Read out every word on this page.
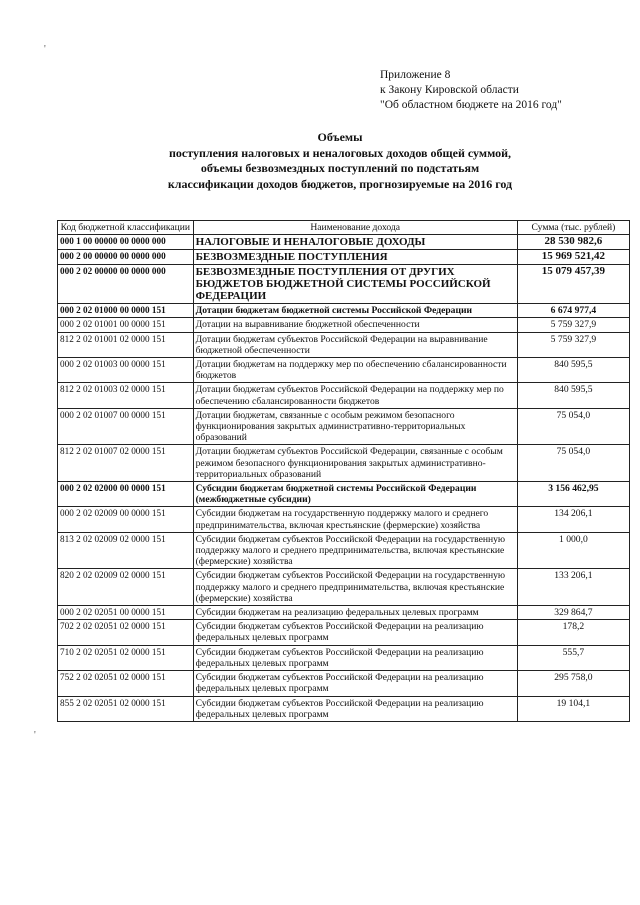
Приложение 8
к Закону Кировской области
"Об областном бюджете на 2016 год"
Объемы
поступления налоговых и неналоговых доходов общей суммой,
объемы безвозмездных поступлений по подстатьям
классификации доходов бюджетов, прогнозируемые на 2016 год
Код бюджетной классификации	Наименование дохода	Сумма (тыс. рублей)
000 1 00 00000 00 0000 000	НАЛОГОВЫЕ И НЕНАЛОГОВЫЕ ДОХОДЫ	28 530 982,6
000 2 00 00000 00 0000 000	БЕЗВОЗМЕЗДНЫЕ ПОСТУПЛЕНИЯ	15 969 521,42
000 2 02 00000 00 0000 000	БЕЗВОЗМЕЗДНЫЕ ПОСТУПЛЕНИЯ ОТ ДРУГИХ БЮДЖЕТОВ БЮДЖЕТНОЙ СИСТЕМЫ РОССИЙСКОЙ ФЕДЕРАЦИИ	15 079 457,39
000 2 02 01000 00 0000 151	Дотации бюджетам бюджетной системы Российской Федерации	6 674 977,4
000 2 02 01001 00 0000 151	Дотации на выравнивание бюджетной обеспеченности	5 759 327,9
812 2 02 01001 02 0000 151	Дотации бюджетам субъектов Российской Федерации на выравнивание бюджетной обеспеченности	5 759 327,9
000 2 02 01003 00 0000 151	Дотации бюджетам на поддержку мер по обеспечению сбалансированности бюджетов	840 595,5
812 2 02 01003 02 0000 151	Дотации бюджетам субъектов Российской Федерации на поддержку мер по обеспечению сбалансированности бюджетов	840 595,5
000 2 02 01007 00 0000 151	Дотации бюджетам, связанные с особым режимом безопасного функционирования закрытых административно-территориальных образований	75 054,0
812 2 02 01007 02 0000 151	Дотации бюджетам субъектов Российской Федерации, связанные с особым режимом безопасного функционирования закрытых административно-территориальных образований	75 054,0
000 2 02 02000 00 0000 151	Субсидии бюджетам бюджетной системы Российской Федерации (межбюджетные субсидии)	3 156 462,95
000 2 02 02009 00 0000 151	Субсидии бюджетам на государственную поддержку малого и среднего предпринимательства, включая крестьянские (фермерские) хозяйства	134 206,1
813 2 02 02009 02 0000 151	Субсидии бюджетам субъектов Российской Федерации на государственную поддержку малого и среднего предпринимательства, включая крестьянские (фермерские) хозяйства	1 000,0
820 2 02 02009 02 0000 151	Субсидии бюджетам субъектов Российской Федерации на государственную поддержку малого и среднего предпринимательства, включая крестьянские (фермерские) хозяйства	133 206,1
000 2 02 02051 00 0000 151	Субсидии бюджетам на реализацию федеральных целевых программ	329 864,7
702 2 02 02051 02 0000 151	Субсидии бюджетам субъектов Российской Федерации на реализацию федеральных целевых программ	178,2
710 2 02 02051 02 0000 151	Субсидии бюджетам субъектов Российской Федерации на реализацию федеральных целевых программ	555,7
752 2 02 02051 02 0000 151	Субсидии бюджетам субъектов Российской Федерации на реализацию федеральных целевых программ	295 758,0
855 2 02 02051 02 0000 151	Субсидии бюджетам субъектов Российской Федерации на реализацию федеральных целевых программ	19 104,1
'
'
